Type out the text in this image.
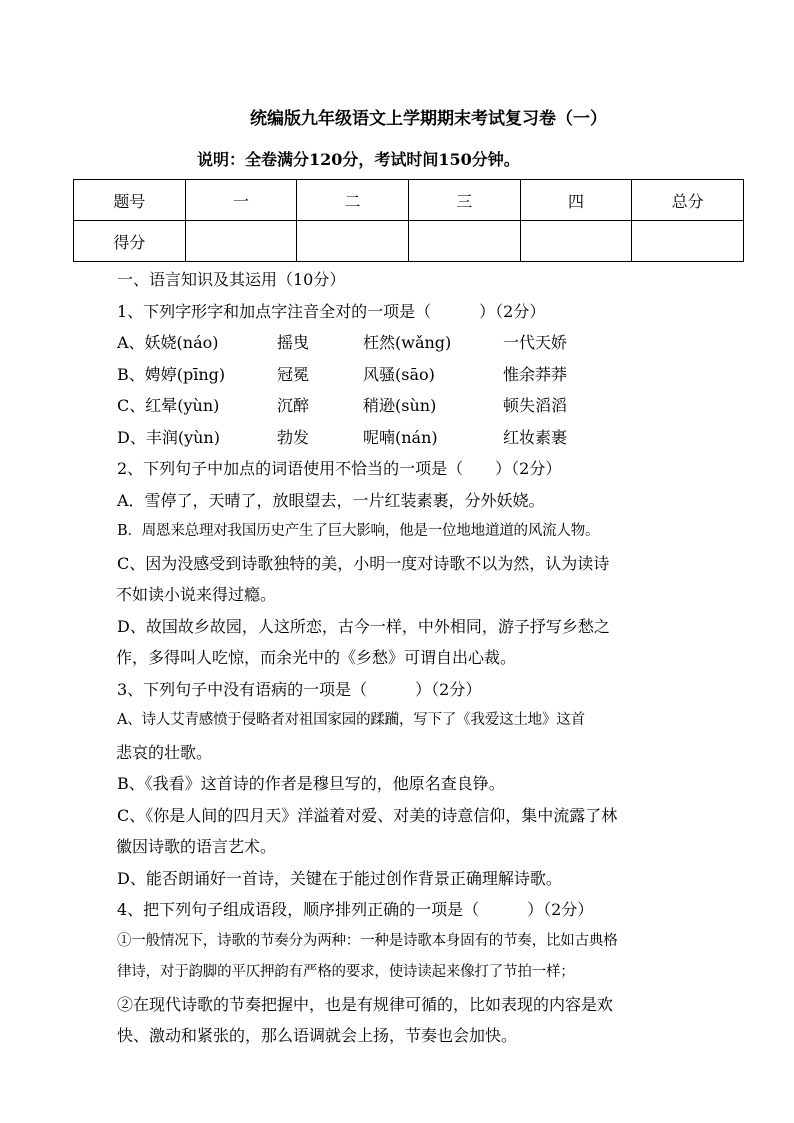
统编版九年级语文上学期期末考试复习卷（一）
说明：全卷满分120分，考试时间150分钟。
题号	一	二	三	四	总分
得分					
一、语言知识及其运用（10分）
1、下列字形字和加点字注音全对的一项是（　　　）（2分）
A、妖娆(náo)	摇曳	枉然(wǎng)	一代天娇
B、娉婷(pīng)	冠冕	风骚(sāo)	惟余莽莽
C、红晕(yùn)	沉醉	稍逊(sùn)	顿失滔滔
D、丰润(yùn)	勃发	呢喃(nán)	红妆素裹
2、下列句子中加点的词语使用不恰当的一项是（　　）（2分）
A．雪停了，天晴了，放眼望去，一片红装素裹，分外妖娆。
B．周恩来总理对我国历史产生了巨大影响，他是一位地地道道的风流人物。
C、因为没感受到诗歌独特的美，小明一度对诗歌不以为然，认为读诗
不如读小说来得过瘾。
D、故国故乡故园，人这所恋，古今一样，中外相同，游子抒写乡愁之
作，多得叫人吃惊，而余光中的《乡愁》可谓自出心裁。
3、下列句子中没有语病的一项是（　　　）（2分）
A、诗人艾青感愤于侵略者对祖国家园的蹂躏，写下了《我爱这土地》这首
悲哀的壮歌。
B、《我看》这首诗的作者是穆旦写的，他原名查良铮。
C、《你是人间的四月天》洋溢着对爱、对美的诗意信仰，集中流露了林
徽因诗歌的语言艺术。
D、能否朗诵好一首诗，关键在于能过创作背景正确理解诗歌。
4、把下列句子组成语段，顺序排列正确的一项是（　　　）（2分）
①一般情况下，诗歌的节奏分为两种：一种是诗歌本身固有的节奏，比如古典格
律诗，对于韵脚的平仄押韵有严格的要求，使诗读起来像打了节拍一样；
②在现代诗歌的节奏把握中，也是有规律可循的，比如表现的内容是欢
快、激动和紧张的，那么语调就会上扬，节奏也会加快。
